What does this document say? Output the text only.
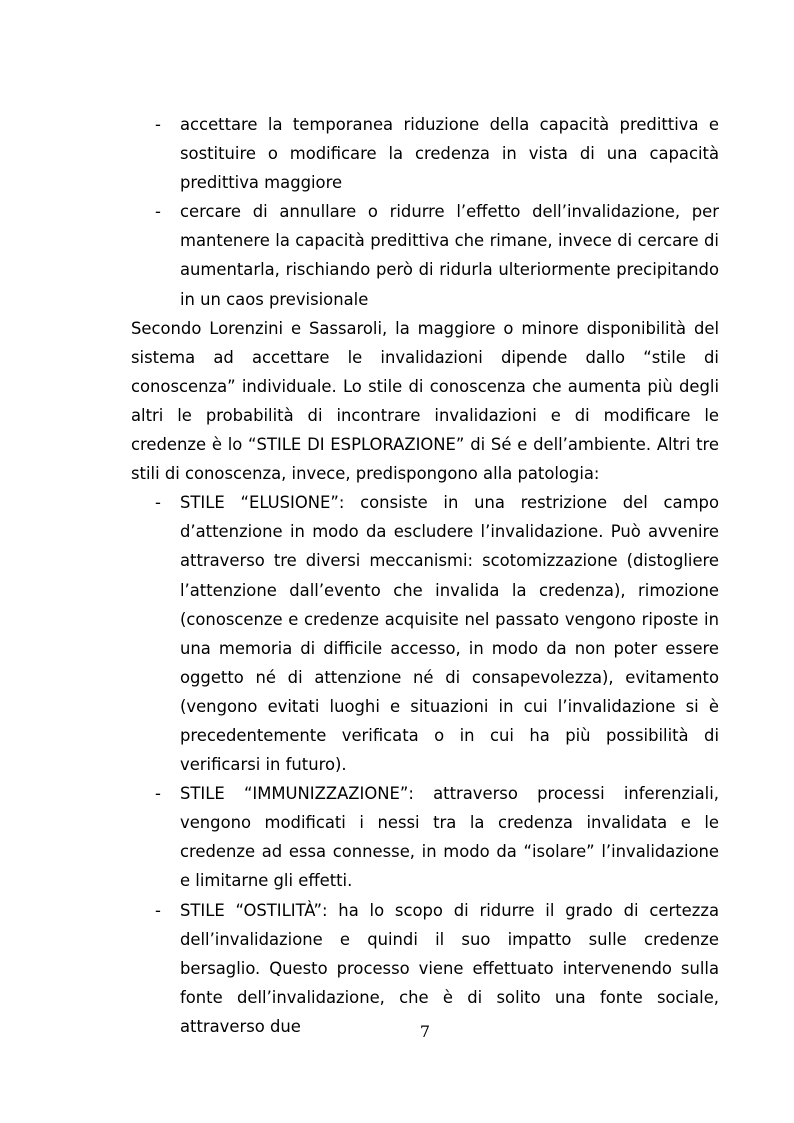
- accettare la temporanea riduzione della capacità predittiva e sostituire o modificare la credenza in vista di una capacità predittiva maggiore
- cercare di annullare o ridurre l’effetto dell’invalidazione, per mantenere la capacità predittiva che rimane, invece di cercare di aumentarla, rischiando però di ridurla ulteriormente precipitando in un caos previsionale

Secondo Lorenzini e Sassaroli, la maggiore o minore disponibilità del sistema ad accettare le invalidazioni dipende dallo “stile di conoscenza” individuale. Lo stile di conoscenza che aumenta più degli altri le probabilità di incontrare invalidazioni e di modificare le credenze è lo “STILE DI ESPLORAZIONE” di Sé e dell’ambiente. Altri tre stili di conoscenza, invece, predispongono alla patologia:

- STILE “ELUSIONE”: consiste in una restrizione del campo d’attenzione in modo da escludere l’invalidazione. Può avvenire attraverso tre diversi meccanismi: scotomizzazione (distogliere l’attenzione dall’evento che invalida la credenza), rimozione (conoscenze e credenze acquisite nel passato vengono riposte in una memoria di difficile accesso, in modo da non poter essere oggetto né di attenzione né di consapevolezza), evitamento (vengono evitati luoghi e situazioni in cui l’invalidazione si è precedentemente verificata o in cui ha più possibilità di verificarsi in futuro).
- STILE “IMMUNIZZAZIONE”: attraverso processi inferenziali, vengono modificati i nessi tra la credenza invalidata e le credenze ad essa connesse, in modo da “isolare” l’invalidazione e limitarne gli effetti.
- STILE “OSTILITÀ”: ha lo scopo di ridurre il grado di certezza dell’invalidazione e quindi il suo impatto sulle credenze bersaglio. Questo processo viene effettuato intervenendo sulla fonte dell’invalidazione, che è di solito una fonte sociale, attraverso due	7
